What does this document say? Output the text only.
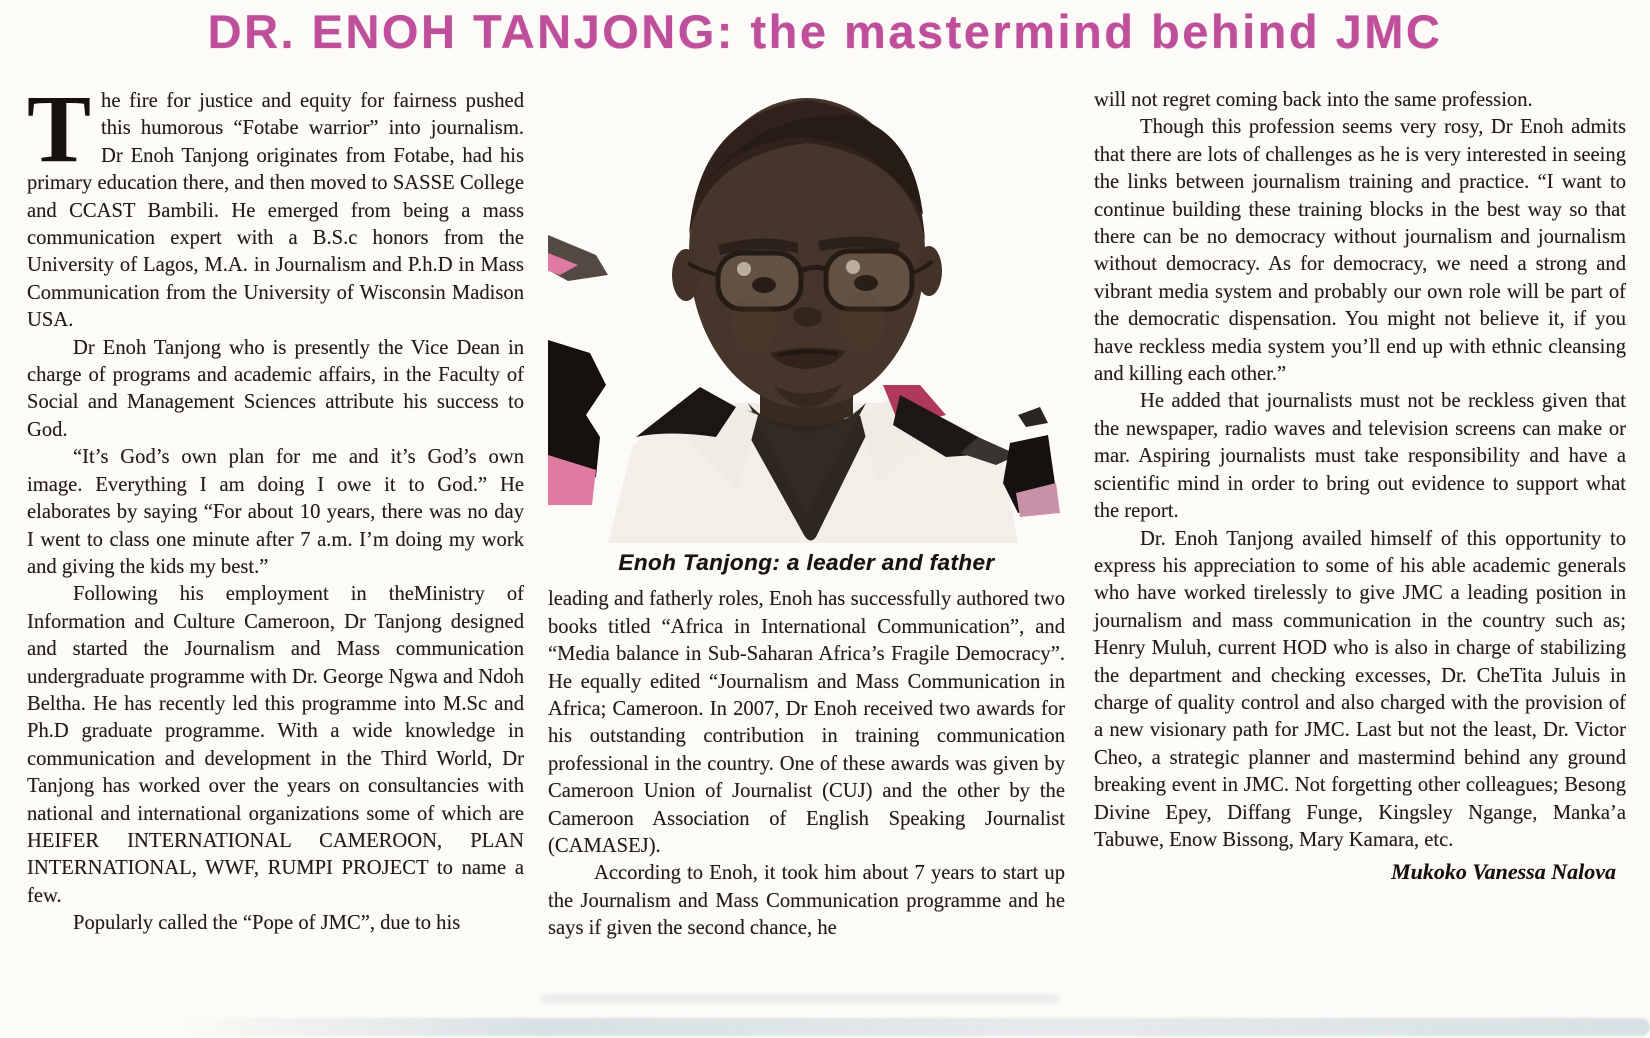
DR. ENOH TANJONG: the mastermind behind JMC

The fire for justice and equity for fairness pushed this humorous “Fotabe warrior” into journalism. Dr Enoh Tanjong originates from Fotabe, had his primary education there, and then moved to SASSE College and CCAST Bambili. He emerged from being a mass communication expert with a B.S.c honors from the University of Lagos, M.A. in Journalism and P.h.D in Mass Communication from the University of Wisconsin Madison USA.

Dr Enoh Tanjong who is presently the Vice Dean in charge of programs and academic affairs, in the Faculty of Social and Management Sciences attribute his success to God.

“It’s God’s own plan for me and it’s God’s own image. Everything I am doing I owe it to God.” He elaborates by saying “For about 10 years, there was no day I went to class one minute after 7 a.m. I’m doing my work and giving the kids my best.”

Following his employment in theMinistry of Information and Culture Cameroon, Dr Tanjong designed and started the Journalism and Mass communication undergraduate programme with Dr. George Ngwa and Ndoh Beltha. He has recently led this programme into M.Sc and Ph.D graduate programme. With a wide knowledge in communication and development in the Third World, Dr Tanjong has worked over the years on consultancies with national and international organizations some of which are HEIFER INTERNATIONAL CAMEROON, PLAN INTERNATIONAL, WWF, RUMPI PROJECT to name a few.

Popularly called the “Pope of JMC”, due to his

Enoh Tanjong: a leader and father

leading and fatherly roles, Enoh has successfully authored two books titled “Africa in International Communication”, and “Media balance in Sub-Saharan Africa’s Fragile Democracy”. He equally edited “Journalism and Mass Communication in Africa; Cameroon. In 2007, Dr Enoh received two awards for his outstanding contribution in training communication professional in the country. One of these awards was given by Cameroon Union of Journalist (CUJ) and the other by the Cameroon Association of English Speaking Journalist (CAMASEJ).

According to Enoh, it took him about 7 years to start up the Journalism and Mass Communication programme and he says if given the second chance, he

will not regret coming back into the same profession.

Though this profession seems very rosy, Dr Enoh admits that there are lots of challenges as he is very interested in seeing the links between journalism training and practice. “I want to continue building these training blocks in the best way so that there can be no democracy without journalism and journalism without democracy. As for democracy, we need a strong and vibrant media system and probably our own role will be part of the democratic dispensation. You might not believe it, if you have reckless media system you’ll end up with ethnic cleansing and killing each other.”

He added that journalists must not be reckless given that the newspaper, radio waves and television screens can make or mar. Aspiring journalists must take responsibility and have a scientific mind in order to bring out evidence to support what the report.

Dr. Enoh Tanjong availed himself of this opportunity to express his appreciation to some of his able academic generals who have worked tirelessly to give JMC a leading position in journalism and mass communication in the country such as; Henry Muluh, current HOD who is also in charge of stabilizing the department and checking excesses, Dr. CheTita Juluis in charge of quality control and also charged with the provision of a new visionary path for JMC. Last but not the least, Dr. Victor Cheo, a strategic planner and mastermind behind any ground breaking event in JMC. Not forgetting other colleagues; Besong Divine Epey, Diffang Funge, Kingsley Ngange, Manka’a Tabuwe, Enow Bissong, Mary Kamara, etc.

Mukoko Vanessa Nalova
